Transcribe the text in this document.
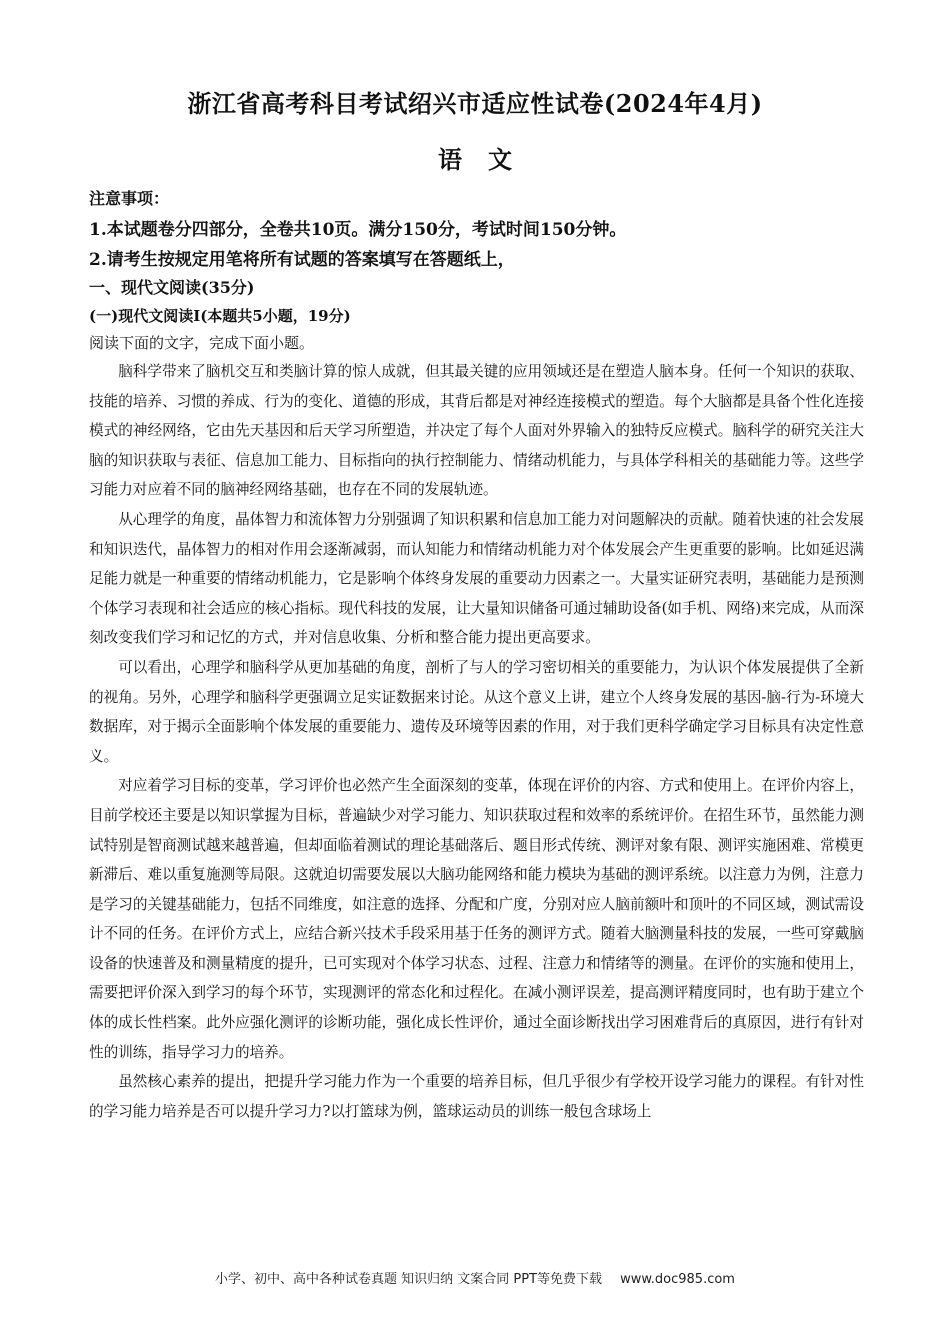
浙江省高考科目考试绍兴市适应性试卷(2024年4月)
语文
注意事项：
1.本试题卷分四部分，全卷共10页。满分150分，考试时间150分钟。
2.请考生按规定用笔将所有试题的答案填写在答题纸上，
一、现代文阅读(35分)
(一)现代文阅读Ⅰ(本题共5小题，19分)
阅读下面的文字，完成下面小题。

脑科学带来了脑机交互和类脑计算的惊人成就，但其最关键的应用领域还是在塑造人脑本身。任何一个知识的获取、技能的培养、习惯的养成、行为的变化、道德的形成，其背后都是对神经连接模式的塑造。每个大脑都是具备个性化连接模式的神经网络，它由先天基因和后天学习所塑造，并决定了每个人面对外界输入的独特反应模式。脑科学的研究关注大脑的知识获取与表征、信息加工能力、目标指向的执行控制能力、情绪动机能力，与具体学科相关的基础能力等。这些学习能力对应着不同的脑神经网络基础，也存在不同的发展轨迹。

从心理学的角度，晶体智力和流体智力分别强调了知识积累和信息加工能力对问题解决的贡献。随着快速的社会发展和知识迭代，晶体智力的相对作用会逐渐减弱，而认知能力和情绪动机能力对个体发展会产生更重要的影响。比如延迟满足能力就是一种重要的情绪动机能力，它是影响个体终身发展的重要动力因素之一。大量实证研究表明，基础能力是预测个体学习表现和社会适应的核心指标。现代科技的发展，让大量知识储备可通过辅助设备(如手机、网络)来完成，从而深刻改变我们学习和记忆的方式，并对信息收集、分析和整合能力提出更高要求。

可以看出，心理学和脑科学从更加基础的角度，剖析了与人的学习密切相关的重要能力，为认识个体发展提供了全新的视角。另外，心理学和脑科学更强调立足实证数据来讨论。从这个意义上讲，建立个人终身发展的基因-脑-行为-环境大数据库，对于揭示全面影响个体发展的重要能力、遗传及环境等因素的作用，对于我们更科学确定学习目标具有决定性意义。

对应着学习目标的变革，学习评价也必然产生全面深刻的变革，体现在评价的内容、方式和使用上。在评价内容上，目前学校还主要是以知识掌握为目标，普遍缺少对学习能力、知识获取过程和效率的系统评价。在招生环节，虽然能力测试特别是智商测试越来越普遍，但却面临着测试的理论基础落后、题目形式传统、测评对象有限、测评实施困难、常模更新滞后、难以重复施测等局限。这就迫切需要发展以大脑功能网络和能力模块为基础的测评系统。以注意力为例，注意力是学习的关键基础能力，包括不同维度，如注意的选择、分配和广度，分别对应人脑前额叶和顶叶的不同区域，测试需设计不同的任务。在评价方式上，应结合新兴技术手段采用基于任务的测评方式。随着大脑测量科技的发展，一些可穿戴脑设备的快速普及和测量精度的提升，已可实现对个体学习状态、过程、注意力和情绪等的测量。在评价的实施和使用上，需要把评价深入到学习的每个环节，实现测评的常态化和过程化。在减小测评误差，提高测评精度同时，也有助于建立个体的成长性档案。此外应强化测评的诊断功能，强化成长性评价，通过全面诊断找出学习困难背后的真原因，进行有针对性的训练，指导学习力的培养。

虽然核心素养的提出，把提升学习能力作为一个重要的培养目标，但几乎很少有学校开设学习能力的课程。有针对性的学习能力培养是否可以提升学习力?以打篮球为例，篮球运动员的训练一般包含球场上

小学、初中、高中各种试卷真题 知识归纳 文案合同 PPT等免费下载 www.doc985.com
